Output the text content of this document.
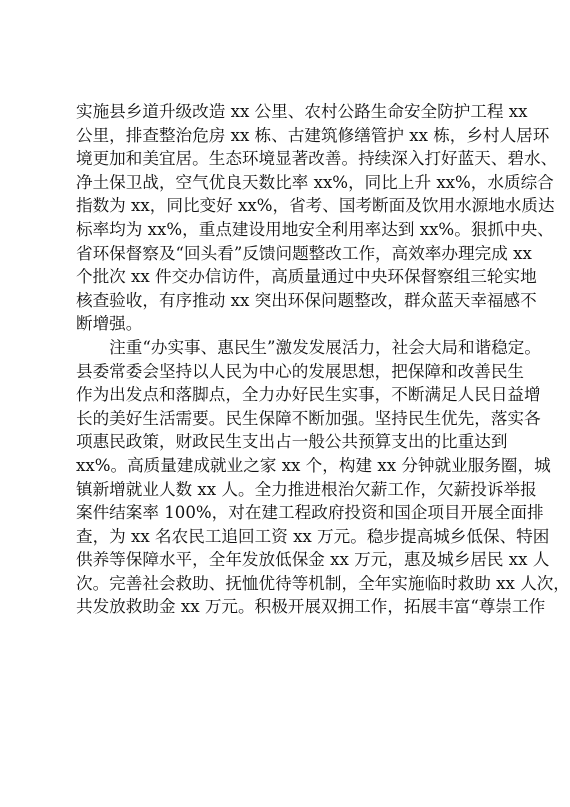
实施县乡道升级改造 xx 公里、农村公路生命安全防护工程 xx
公里，排查整治危房 xx 栋、古建筑修缮管护 xx 栋，乡村人居环
境更加和美宜居。生态环境显著改善。持续深入打好蓝天、碧水、
净土保卫战，空气优良天数比率 xx%，同比上升 xx%，水质综合
指数为 xx，同比变好 xx%，省考、国考断面及饮用水源地水质达
标率均为 xx%，重点建设用地安全利用率达到 xx%。狠抓中央、
省环保督察及“回头看”反馈问题整改工作，高效率办理完成 xx
个批次 xx 件交办信访件，高质量通过中央环保督察组三轮实地
核查验收，有序推动 xx 突出环保问题整改，群众蓝天幸福感不
断增强。
　　注重“办实事、惠民生”激发发展活力，社会大局和谐稳定。
县委常委会坚持以人民为中心的发展思想，把保障和改善民生
作为出发点和落脚点，全力办好民生实事，不断满足人民日益增
长的美好生活需要。民生保障不断加强。坚持民生优先，落实各
项惠民政策，财政民生支出占一般公共预算支出的比重达到
xx%。高质量建成就业之家 xx 个，构建 xx 分钟就业服务圈，城
镇新增就业人数 xx 人。全力推进根治欠薪工作，欠薪投诉举报
案件结案率 100%，对在建工程政府投资和国企项目开展全面排
查，为 xx 名农民工追回工资 xx 万元。稳步提高城乡低保、特困
供养等保障水平，全年发放低保金 xx 万元，惠及城乡居民 xx 人
次。完善社会救助、抚恤优待等机制，全年实施临时救助 xx 人次，
共发放救助金 xx 万元。积极开展双拥工作，拓展丰富“尊崇工作
